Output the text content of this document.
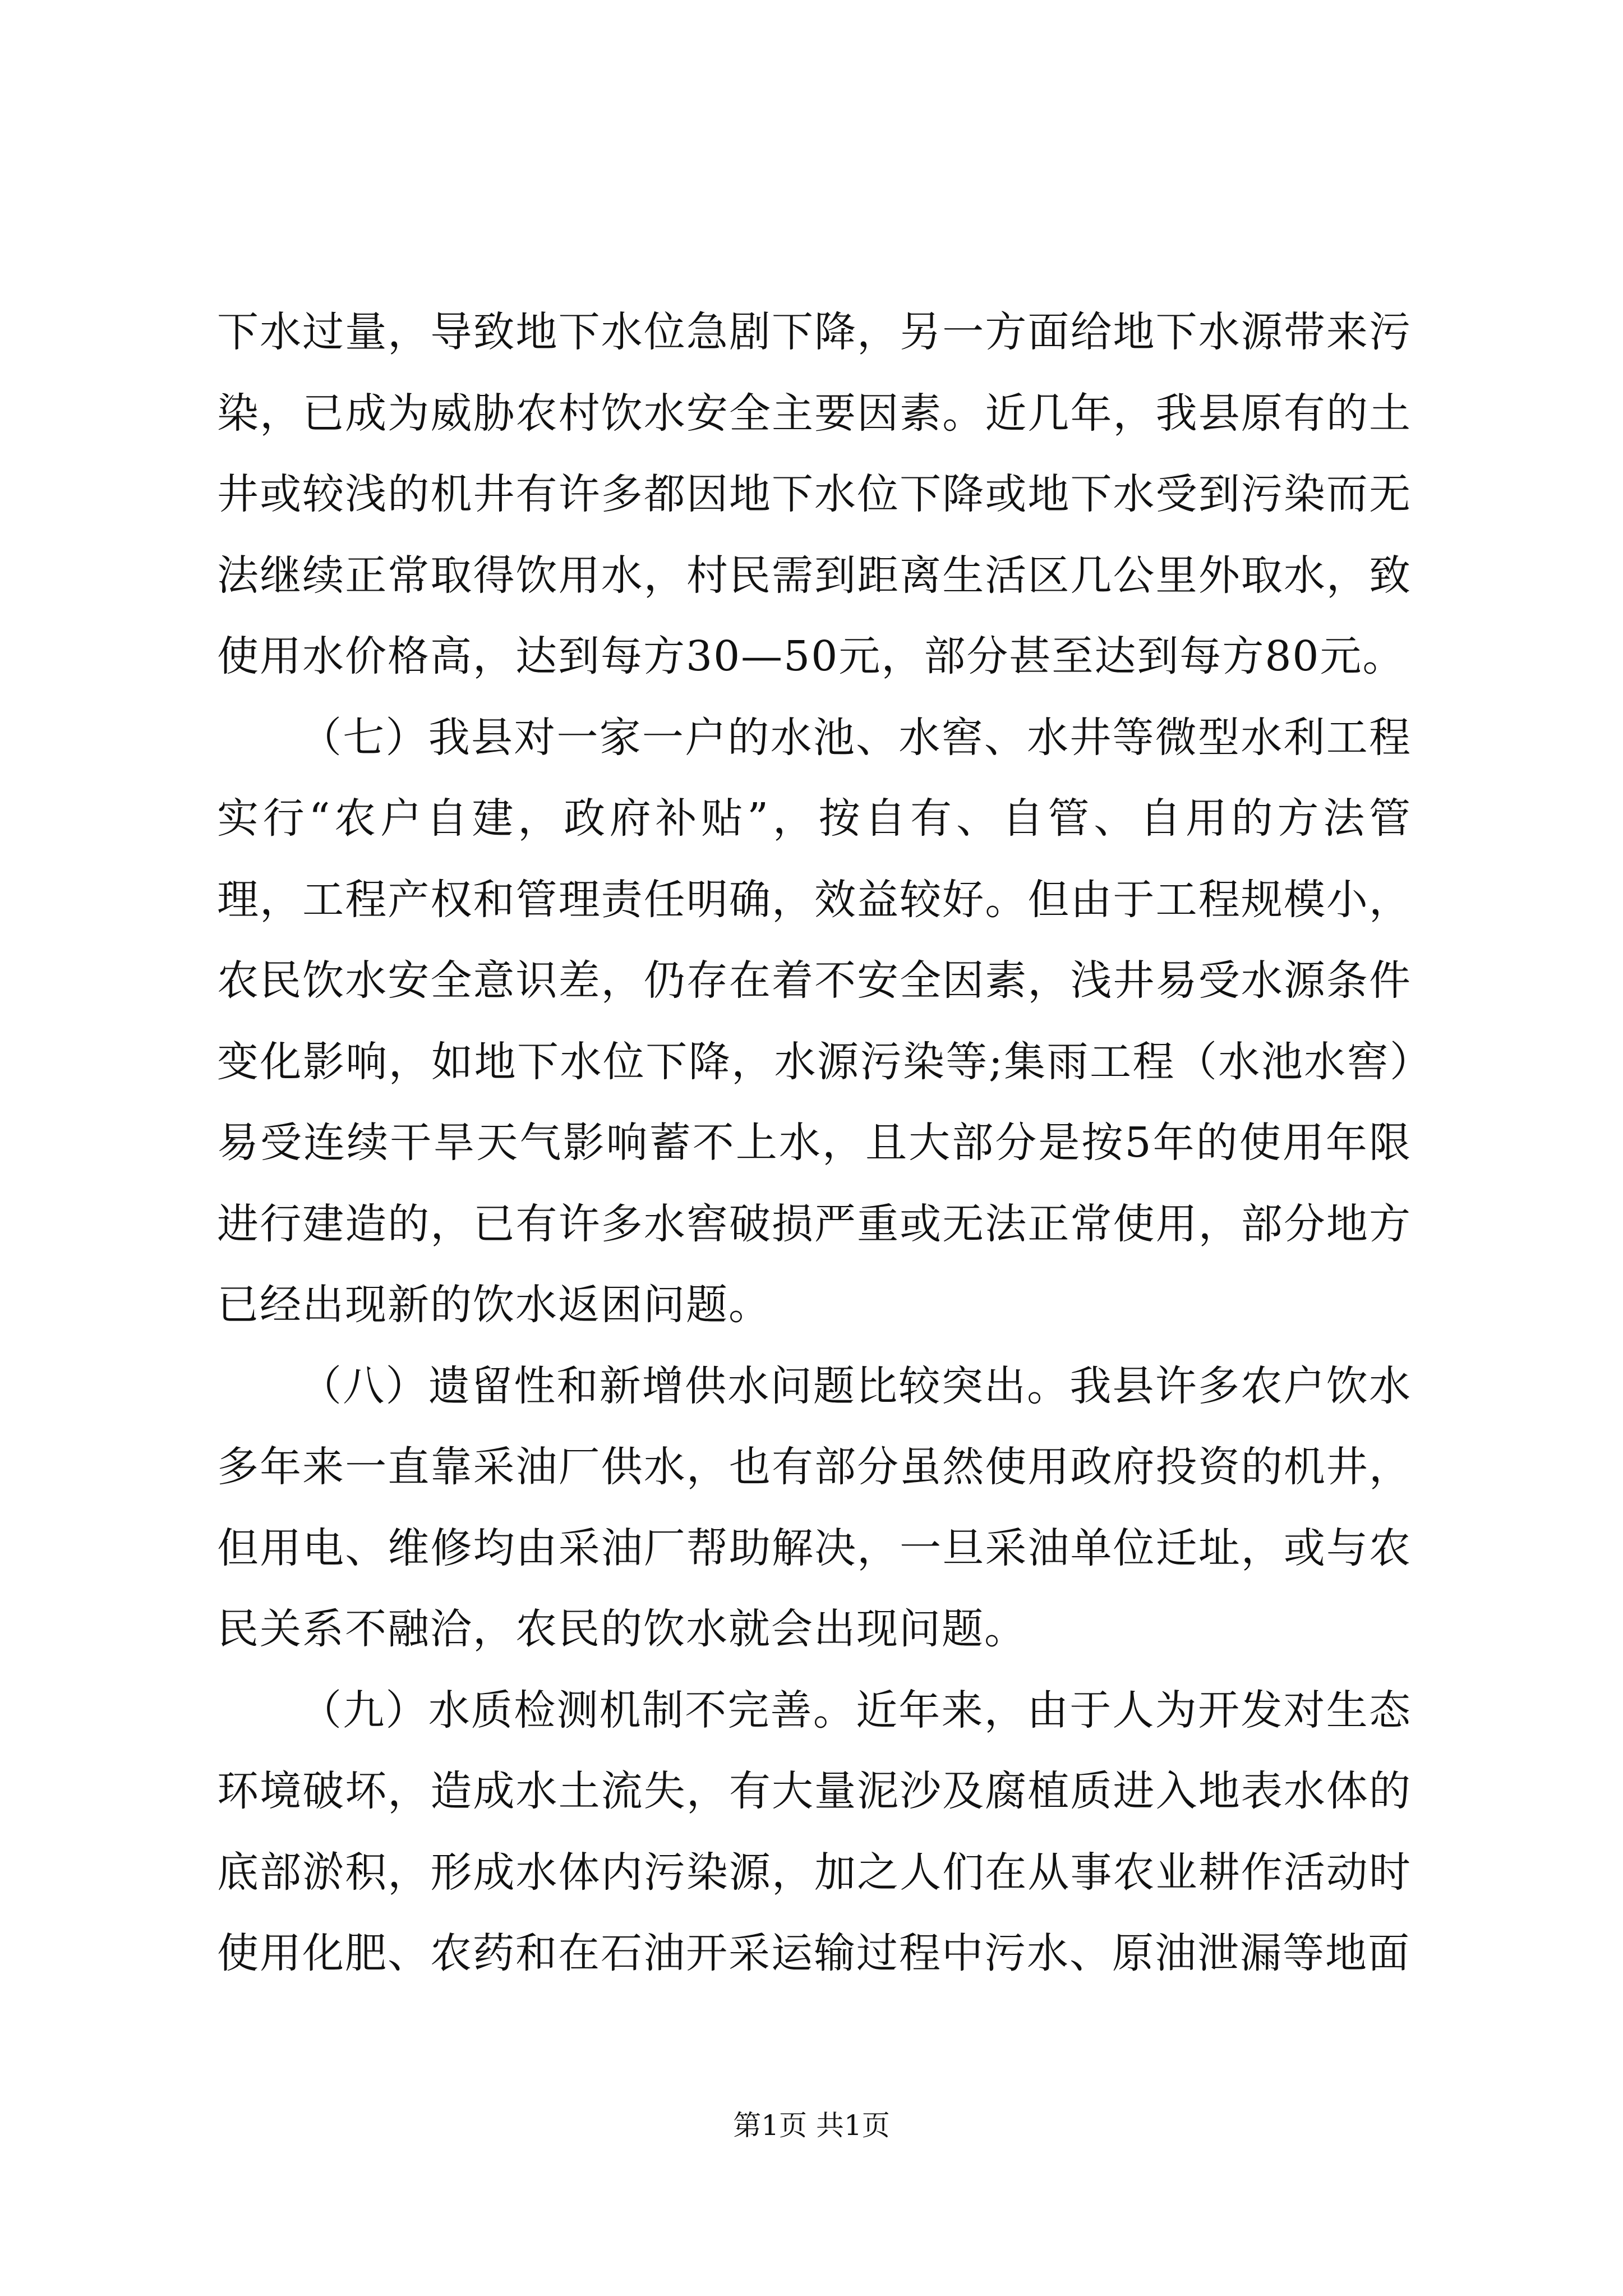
下水过量，导致地下水位急剧下降，另一方面给地下水源带来污染，已成为威胁农村饮水安全主要因素。近几年，我县原有的土井或较浅的机井有许多都因地下水位下降或地下水受到污染而无法继续正常取得饮用水，村民需到距离生活区几公里外取水，致使用水价格高，达到每方30—50元，部分甚至达到每方80元。

（七）我县对一家一户的水池、水窖、水井等微型水利工程实行“农户自建，政府补贴”，按自有、自管、自用的方法管理，工程产权和管理责任明确，效益较好。但由于工程规模小，农民饮水安全意识差，仍存在着不安全因素，浅井易受水源条件变化影响，如地下水位下降，水源污染等;集雨工程（水池水窖）易受连续干旱天气影响蓄不上水，且大部分是按5年的使用年限进行建造的，已有许多水窖破损严重或无法正常使用，部分地方已经出现新的饮水返困问题。

（八）遗留性和新增供水问题比较突出。我县许多农户饮水多年来一直靠采油厂供水，也有部分虽然使用政府投资的机井，但用电、维修均由采油厂帮助解决，一旦采油单位迁址，或与农民关系不融洽，农民的饮水就会出现问题。

（九）水质检测机制不完善。近年来，由于人为开发对生态环境破坏，造成水土流失，有大量泥沙及腐植质进入地表水体的底部淤积，形成水体内污染源，加之人们在从事农业耕作活动时使用化肥、农药和在石油开采运输过程中污水、原油泄漏等地面

第1页 共1页
